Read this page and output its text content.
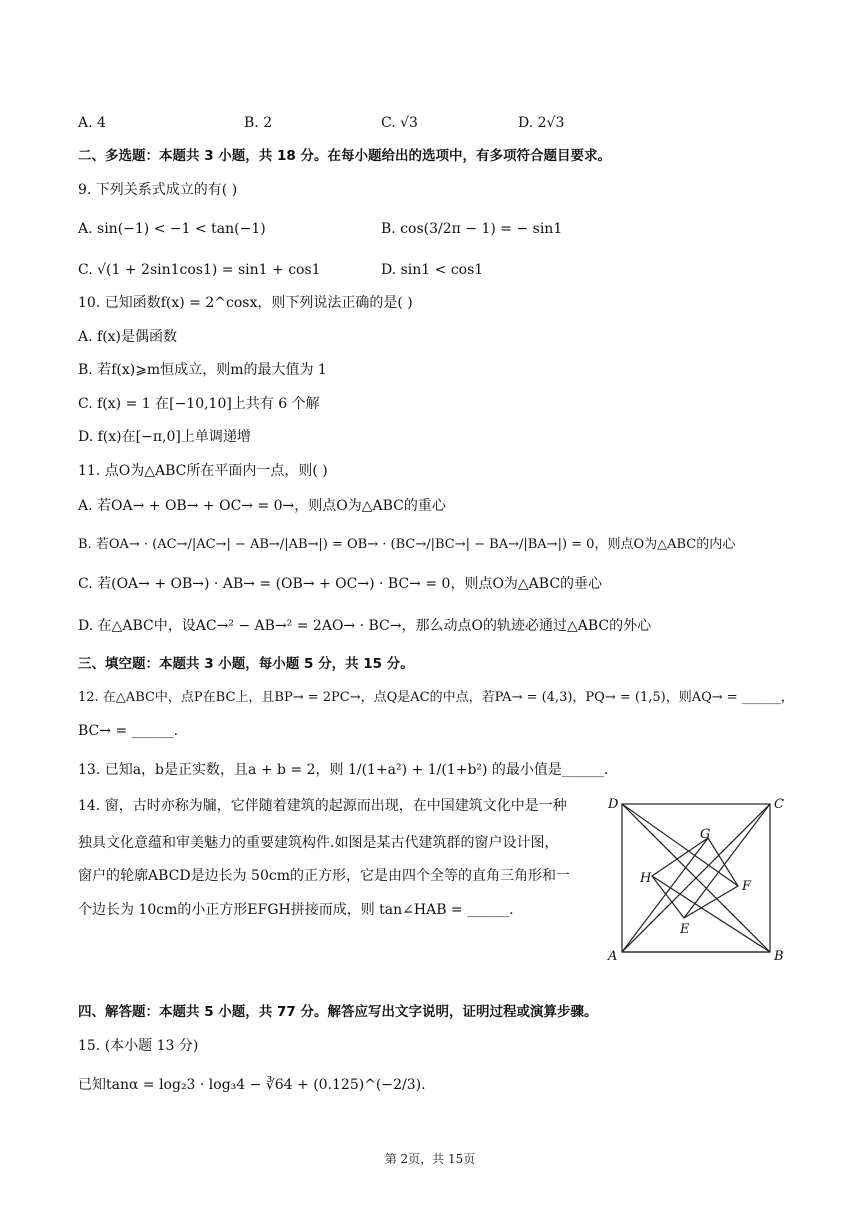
A. 4	B. 2	C. √3	D. 2√3
二、多选题：本题共 3 小题，共 18 分。在每小题给出的选项中，有多项符合题目要求。
9. 下列关系式成立的有( )
A. sin(−1) < −1 < tan(−1)	B. cos(3/2π − 1) = − sin1
C. √(1 + 2sin1cos1) = sin1 + cos1	D. sin1 < cos1
10. 已知函数f(x) = 2^cosx，则下列说法正确的是( )
A. f(x)是偶函数
B. 若f(x)⩾m恒成立，则m的最大值为 1
C. f(x) = 1 在[−10,10]上共有 6 个解
D. f(x)在[−π,0]上单调递增
11. 点O为△ABC所在平面内一点，则( )
A. 若OA→ + OB→ + OC→ = 0→，则点O为△ABC的重心
B. 若OA→ · (AC→/|AC→| − AB→/|AB→|) = OB→ · (BC→/|BC→| − BA→/|BA→|) = 0，则点O为△ABC的内心
C. 若(OA→ + OB→) · AB→ = (OB→ + OC→) · BC→ = 0，则点O为△ABC的垂心
D. 在△ABC中，设AC→² − AB→² = 2AO→ · BC→，那么动点O的轨迹必通过△ABC的外心
三、填空题：本题共 3 小题，每小题 5 分，共 15 分。
12. 在△ABC中，点P在BC上，且BP→ = 2PC→，点Q是AC的中点，若PA→ = (4,3)，PQ→ = (1,5)，则AQ→ = ______，
BC→ = ______.
13. 已知a，b是正实数，且a + b = 2，则 1/(1+a²) + 1/(1+b²) 的最小值是______.
14. 窗，古时亦称为牖，它伴随着建筑的起源而出现，在中国建筑文化中是一种
独具文化意蕴和审美魅力的重要建筑构件.如图是某古代建筑群的窗户设计图，
窗户的轮廓ABCD是边长为 50cm的正方形，它是由四个全等的直角三角形和一
个边长为 10cm的小正方形EFGH拼接而成，则 tan∠HAB = ______.
A	B
C
D
E
F
G
H
四、解答题：本题共 5 小题，共 77 分。解答应写出文字说明，证明过程或演算步骤。
15. (本小题 13 分)
已知tanα = log₂3 · log₃4 − ∛64 + (0.125)^(−2/3).
第 2页，共 15页
